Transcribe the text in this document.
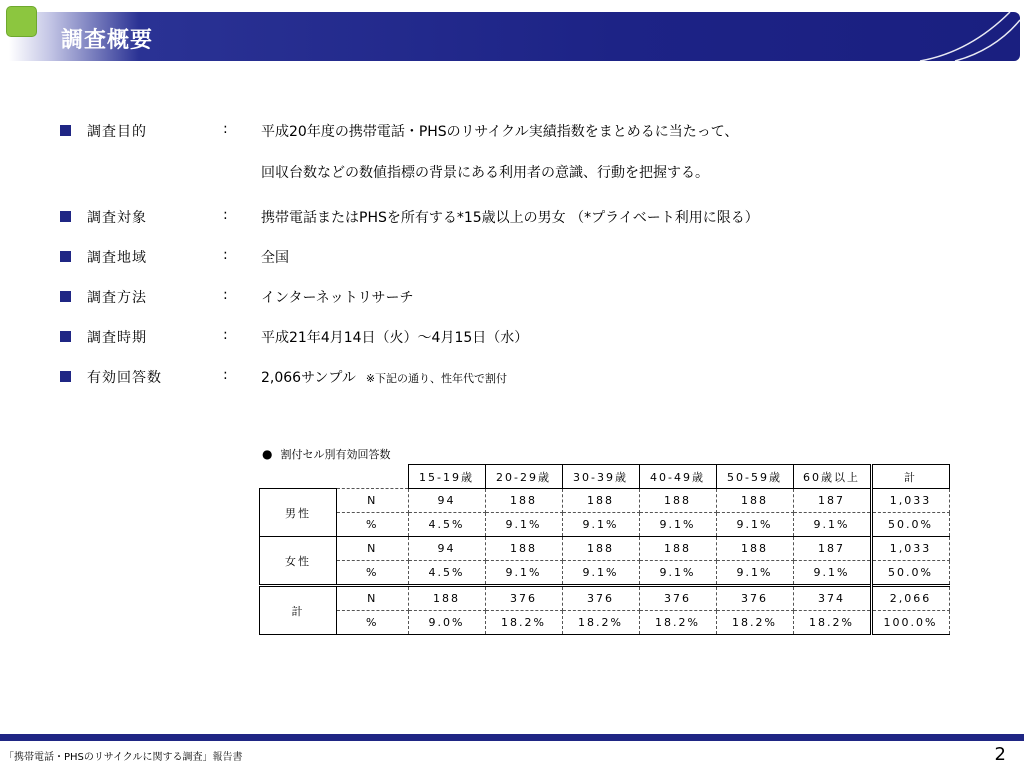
調査概要
調査目的	: 平成20年度の携帯電話・PHSのリサイクル実績指数をまとめるに当たって、
回収台数などの数値指標の背景にある利用者の意識、行動を把握する。
調査対象	: 携帯電話またはPHSを所有する*15歳以上の男女 （*プライベート利用に限る）
調査地域	: 全国
調査方法	: インターネットリサーチ
調査時期	: 平成21年4月14日（火）～4月15日（水）
有効回答数	: 2,066サンプル ※下記の通り、性年代で割付
● 割付セル別有効回答数
		15-19歳	20-29歳	30-39歳	40-49歳	50-59歳	60歳以上	計
男性	N	94	188	188	188	188	187	1,033
	%	4.5%	9.1%	9.1%	9.1%	9.1%	9.1%	50.0%
女性	N	94	188	188	188	188	187	1,033
	%	4.5%	9.1%	9.1%	9.1%	9.1%	9.1%	50.0%
計	N	188	376	376	376	376	374	2,066
	%	9.0%	18.2%	18.2%	18.2%	18.2%	18.2%	100.0%
「携帯電話・PHSのリサイクルに関する調査」報告書	2
